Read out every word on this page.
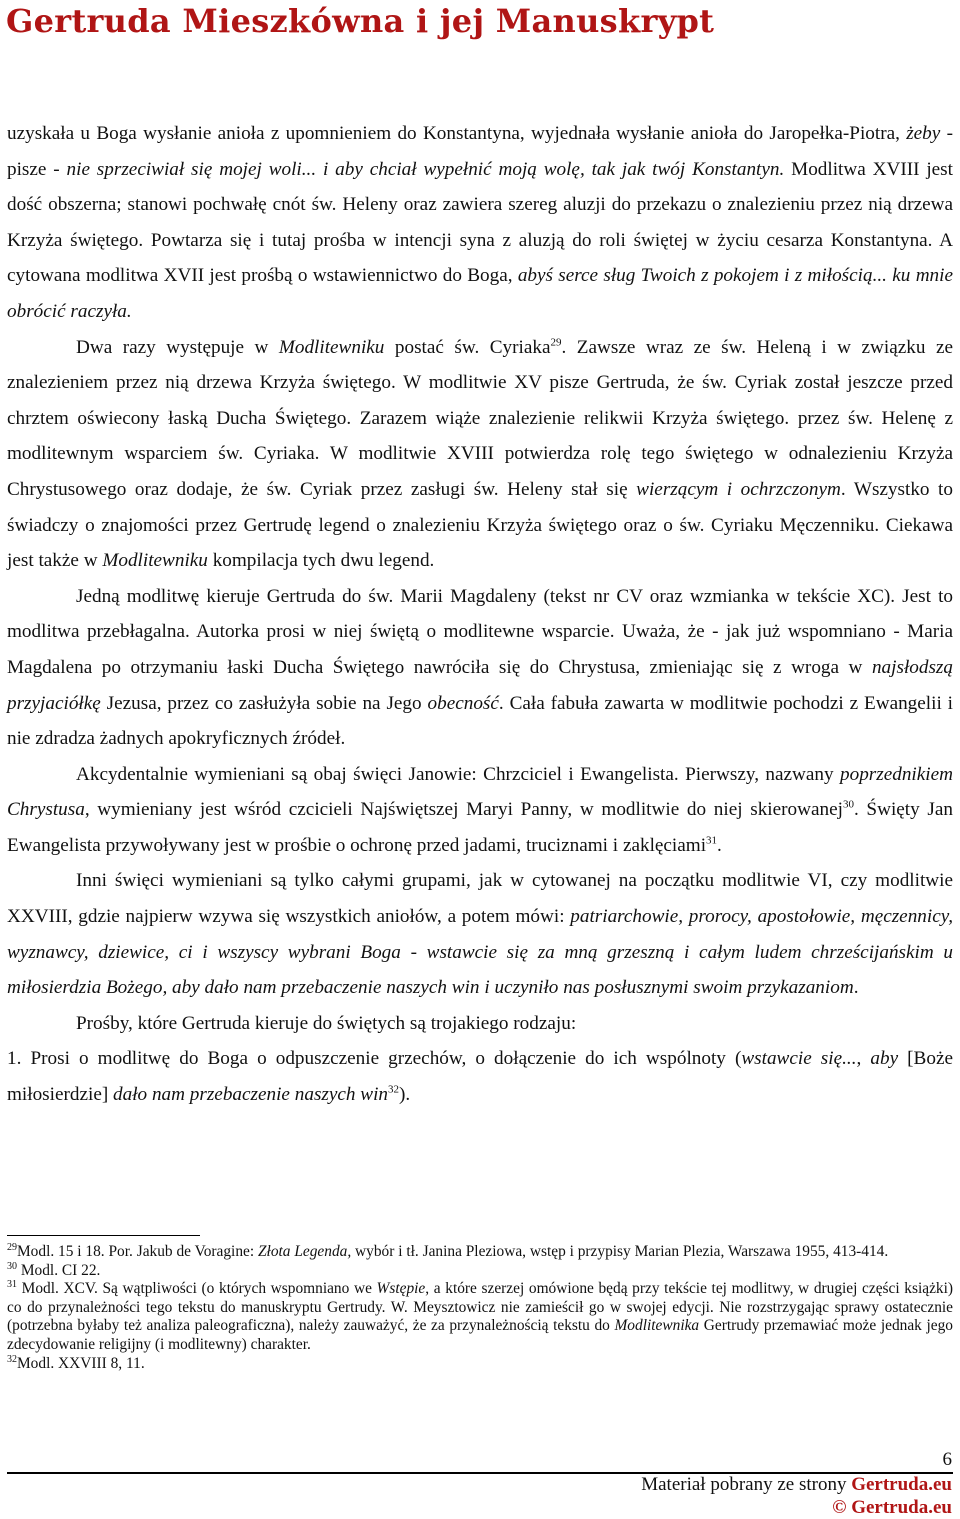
Gertruda Mieszkówna i jej Manuskrypt

uzyskała u Boga wysłanie anioła z upomnieniem do Konstantyna, wyjednała wysłanie anioła do Jaropełka-Piotra, żeby - pisze - nie sprzeciwiał się mojej woli... i aby chciał wypełnić moją wolę, tak jak twój Konstantyn. Modlitwa XVIII jest dość obszerna; stanowi pochwałę cnót św. Heleny oraz zawiera szereg aluzji do przekazu o znalezieniu przez nią drzewa Krzyża świętego. Powtarza się i tutaj prośba w intencji syna z aluzją do roli świętej w życiu cesarza Konstantyna. A cytowana modlitwa XVII jest prośbą o wstawiennictwo do Boga, abyś serce sług Twoich z pokojem i z miłością... ku mnie obrócić raczyła.

Dwa razy występuje w Modlitewniku postać św. Cyriaka$^{29}$. Zawsze wraz ze św. Heleną i w związku ze znalezieniem przez nią drzewa Krzyża świętego. W modlitwie XV pisze Gertruda, że św. Cyriak został jeszcze przed chrztem oświecony łaską Ducha Świętego. Zarazem wiąże znalezienie relikwii Krzyża świętego. przez św. Helenę z modlitewnym wsparciem św. Cyriaka. W modlitwie XVIII potwierdza rolę tego świętego w odnalezieniu Krzyża Chrystusowego oraz dodaje, że św. Cyriak przez zasługi św. Heleny stał się wierzącym i ochrzczonym. Wszystko to świadczy o znajomości przez Gertrudę legend o znalezieniu Krzyża świętego oraz o św. Cyriaku Męczenniku. Ciekawa jest także w Modlitewniku kompilacja tych dwu legend.

Jedną modlitwę kieruje Gertruda do św. Marii Magdaleny (tekst nr CV oraz wzmianka w tekście XC). Jest to modlitwa przebłagalna. Autorka prosi w niej świętą o modlitewne wsparcie. Uważa, że - jak już wspomniano - Maria Magdalena po otrzymaniu łaski Ducha Świętego nawróciła się do Chrystusa, zmieniając się z wroga w najsłodszą przyjaciółkę Jezusa, przez co zasłużyła sobie na Jego obecność. Cała fabuła zawarta w modlitwie pochodzi z Ewangelii i nie zdradza żadnych apokryficznych źródeł.

Akcydentalnie wymieniani są obaj święci Janowie: Chrzciciel i Ewangelista. Pierwszy, nazwany poprzednikiem Chrystusa, wymieniany jest wśród czcicieli Najświętszej Maryi Panny, w modlitwie do niej skierowanej$^{30}$. Święty Jan Ewangelista przywoływany jest w prośbie o ochronę przed jadami, truciznami i zaklęciami$^{31}$.

Inni święci wymieniani są tylko całymi grupami, jak w cytowanej na początku modlitwie VI, czy modlitwie XXVIII, gdzie najpierw wzywa się wszystkich aniołów, a potem mówi: patriarchowie, prorocy, apostołowie, męczennicy, wyznawcy, dziewice, ci i wszyscy wybrani Boga - wstawcie się za mną grzeszną i całym ludem chrześcijańskim u miłosierdzia Bożego, aby dało nam przebaczenie naszych win i uczyniło nas posłusznymi swoim przykazaniom.

Prośby, które Gertruda kieruje do świętych są trojakiego rodzaju:

1. Prosi o modlitwę do Boga o odpuszczenie grzechów, o dołączenie do ich wspólnoty (wstawcie się..., aby [Boże miłosierdzie] dało nam przebaczenie naszych win$^{32}$).

$^{29}$Modl. 15 i 18. Por. Jakub de Voragine: Złota Legenda, wybór i tł. Janina Pleziowa, wstęp i przypisy Marian Plezia, Warszawa 1955, 413-414.

$^{30}$ Modl. CI 22.

$^{31}$ Modl. XCV. Są wątpliwości (o których wspomniano we Wstępie, a które szerzej omówione będą przy tekście tej modlitwy, w drugiej części książki) co do przynależności tego tekstu do manuskryptu Gertrudy. W. Meysztowicz nie zamieścił go w swojej edycji. Nie rozstrzygając sprawy ostatecznie (potrzebna byłaby też analiza paleograficzna), należy zauważyć, że za przynależnością tekstu do Modlitewnika Gertrudy przemawiać może jednak jego zdecydowanie religijny (i modlitewny) charakter.

$^{32}$Modl. XXVIII 8, 11.

6
Materiał pobrany ze strony Gertruda.eu
© Gertruda.eu
